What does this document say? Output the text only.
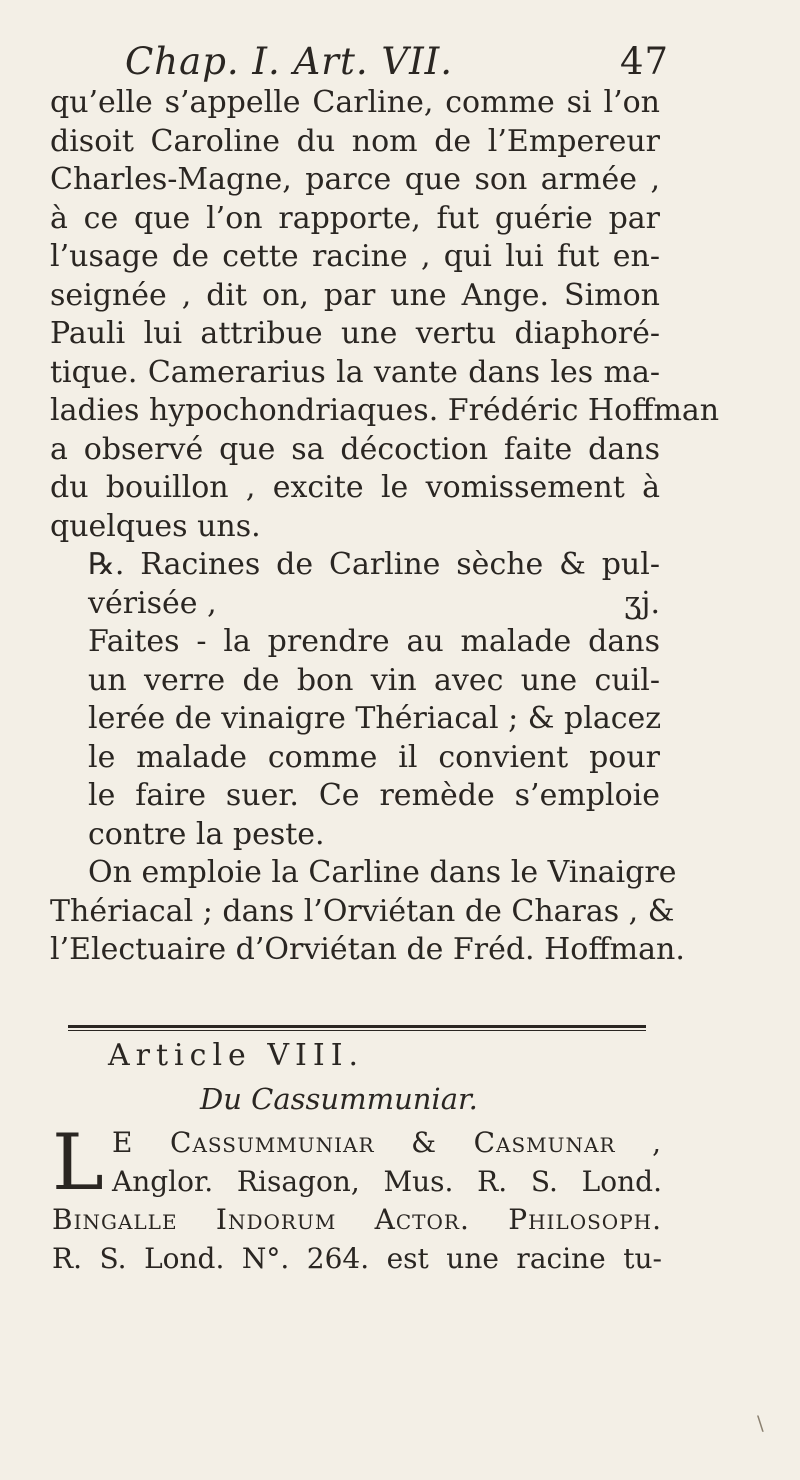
Chap. I. Art. VII.	47
qu’elle s’appelle Carline, comme si l’on
disoit Caroline du nom de l’Empereur
Charles-Magne, parce que son armée ,
à ce que l’on rapporte, fut guérie par
l’usage de cette racine , qui lui fut en-
seignée , dit on, par une Ange. Simon
Pauli lui attribue une vertu diaphoré-
tique. Camerarius la vante dans les ma-
ladies hypochondriaques. Frédéric Hoffman
a observé que sa décoction faite dans
du bouillon , excite le vomissement à
quelques uns.
℞. Racines de Carline sèche & pul-
vérisée ,	ʒj.
Faites - la prendre au malade dans
un verre de bon vin avec une cuil-
lerée de vinaigre Thériacal ; & placez
le malade comme il convient pour
le faire suer. Ce remède s’emploie
contre la peste.
On emploie la Carline dans le Vinaigre
Thériacal ; dans l’Orviétan de Charas , &
l’Electuaire d’Orviétan de Fréd. Hoffman.
Article VIII.
Du Cassummuniar.
L E Cassummuniar & Casmunar ,
Anglor. Risagon, Mus. R. S. Lond.
Bingalle Indorum Actor. Philosoph.
R. S. Lond. N°. 264. est une racine tu-
\
